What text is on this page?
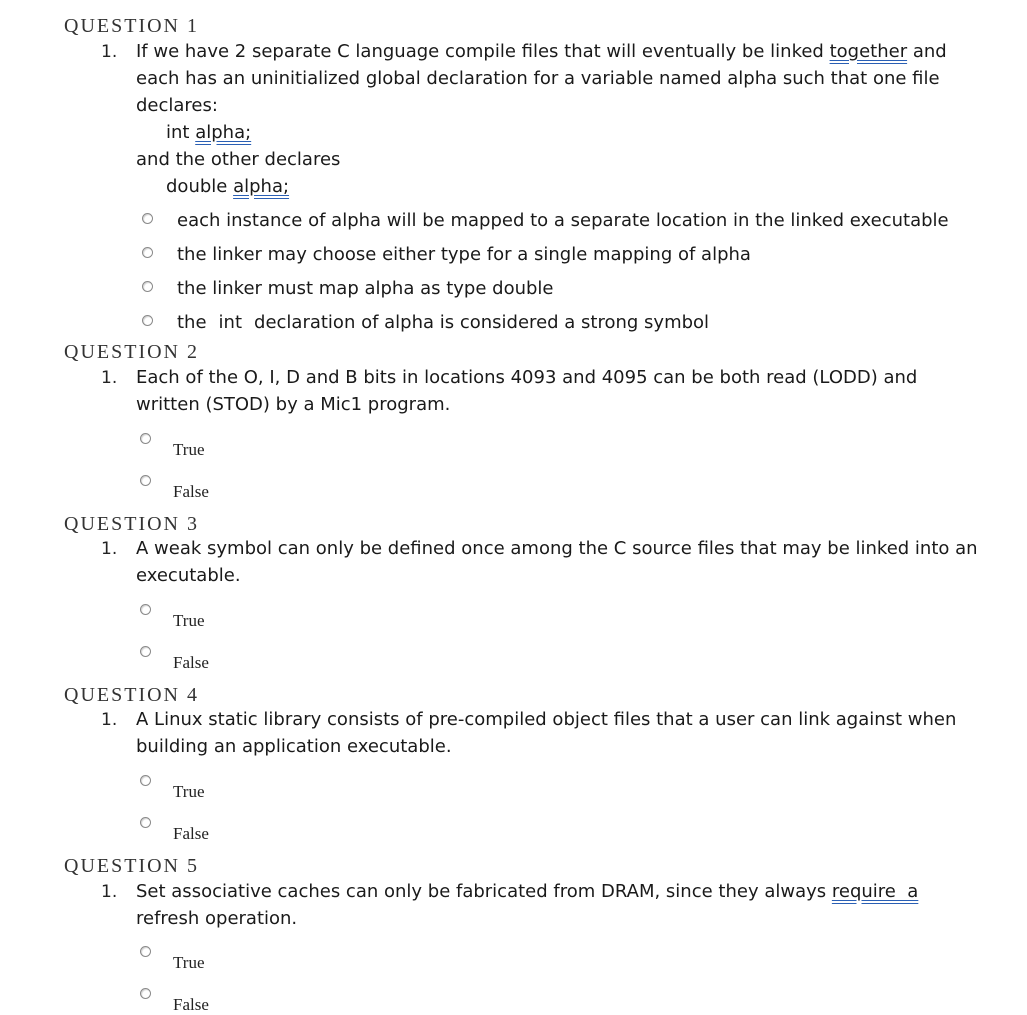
QUESTION 1
1. If we have 2 separate C language compile files that will eventually be linked together and
each has an uninitialized global declaration for a variable named alpha such that one file
declares:
int alpha;
and the other declares
double alpha;
each instance of alpha will be mapped to a separate location in the linked executable
the linker may choose either type for a single mapping of alpha
the linker must map alpha as type double
the int declaration of alpha is considered a strong symbol
QUESTION 2
1. Each of the O, I, D and B bits in locations 4093 and 4095 can be both read (LODD) and
written (STOD) by a Mic1 program.
True
False
QUESTION 3
1. A weak symbol can only be defined once among the C source files that may be linked into an
executable.
True
False
QUESTION 4
1. A Linux static library consists of pre-compiled object files that a user can link against when
building an application executable.
True
False
QUESTION 5
1. Set associative caches can only be fabricated from DRAM, since they always require  a
refresh operation.
True
False
